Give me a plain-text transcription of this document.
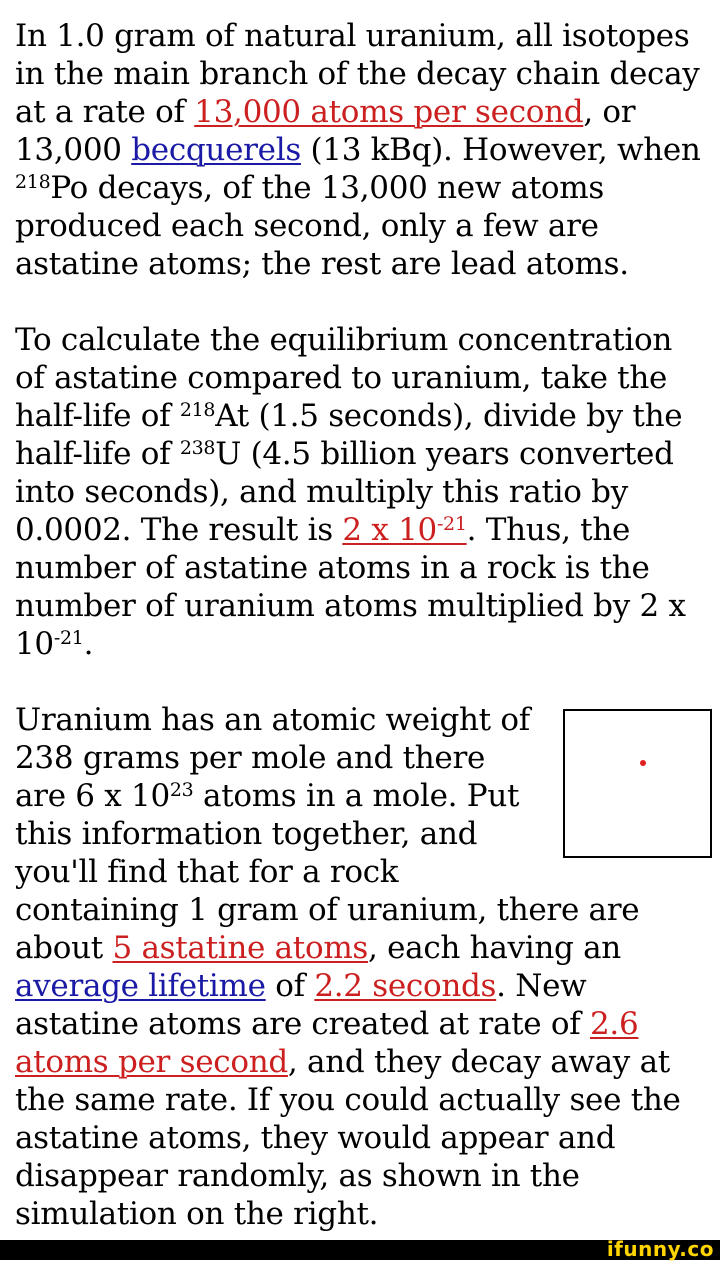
In 1.0 gram of natural uranium, all isotopes in the main branch of the decay chain decay at a rate of 13,000 atoms per second, or 13,000 becquerels (13 kBq). However, when $^{218}$Po decays, of the 13,000 new atoms produced each second, only a few are astatine atoms; the rest are lead atoms.

To calculate the equilibrium concentration of astatine compared to uranium, take the half-life of $^{218}$At (1.5 seconds), divide by the half-life of $^{238}$U (4.5 billion years converted into seconds), and multiply this ratio by 0.0002. The result is 2 x $10^{-21}$. Thus, the number of astatine atoms in a rock is the number of uranium atoms multiplied by 2 x $10^{-21}$.

Uranium has an atomic weight of 238 grams per mole and there are 6 x $10^{23}$ atoms in a mole. Put this information together, and you'll find that for a rock containing 1 gram of uranium, there are about 5 astatine atoms, each having an average lifetime of 2.2 seconds. New astatine atoms are created at rate of 2.6 atoms per second, and they decay away at the same rate. If you could actually see the astatine atoms, they would appear and disappear randomly, as shown in the simulation on the right.

ifunny.co
